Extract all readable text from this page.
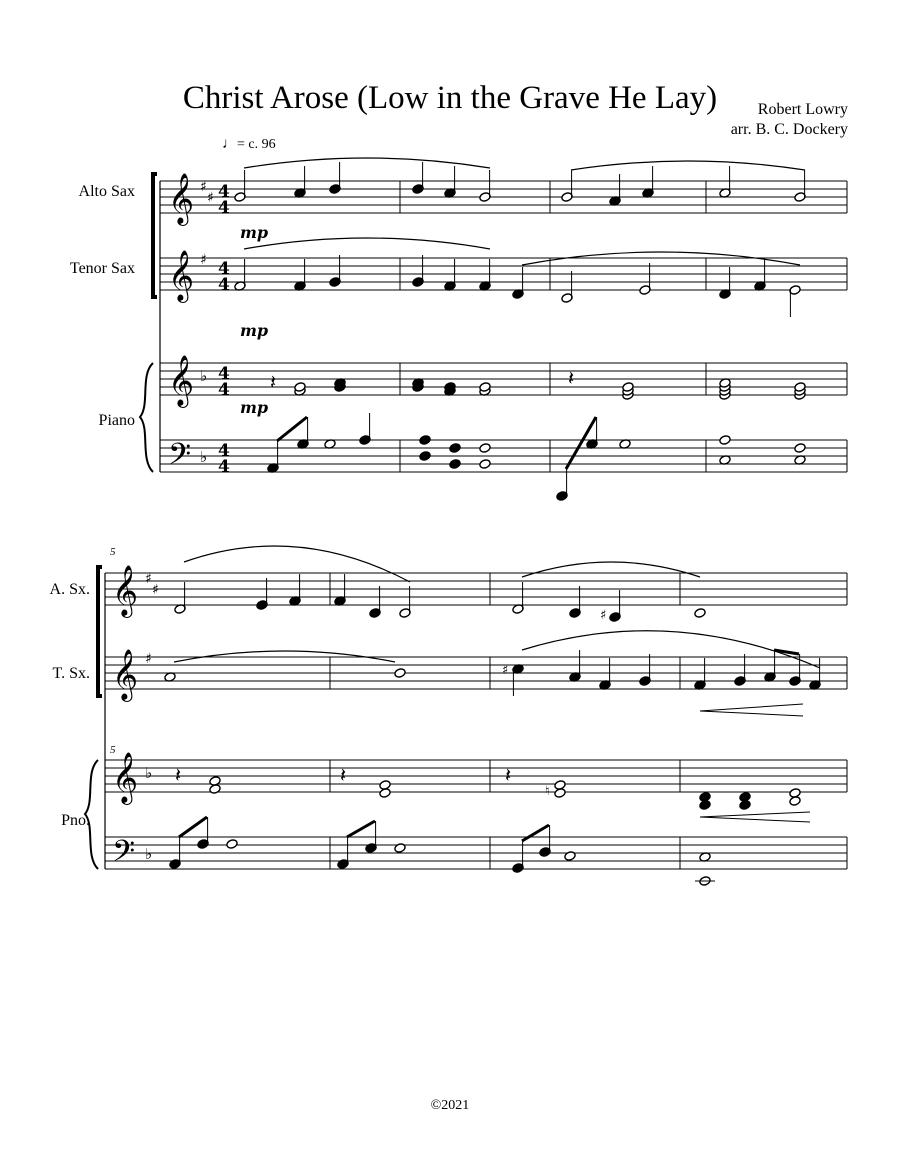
Christ Arose (Low in the Grave He Lay)	Robert Lowry
arr. B. C. Dockery
♩= c. 96
Alto Sax
Tenor Sax
Piano
5
5
A. Sx.
T. Sx.
Pno.
𝄞
𝄞
𝄞
𝄢
♯
♯
♯
♭
♭
4
4
4
4
4
4
4
4
mp
mp
mp
𝄽	𝄽
𝄞
𝄞
𝄞
𝄢
♯
♯
♯
♭
♭
♯
♯
𝄽	𝄽	𝄽
♮
©2021
